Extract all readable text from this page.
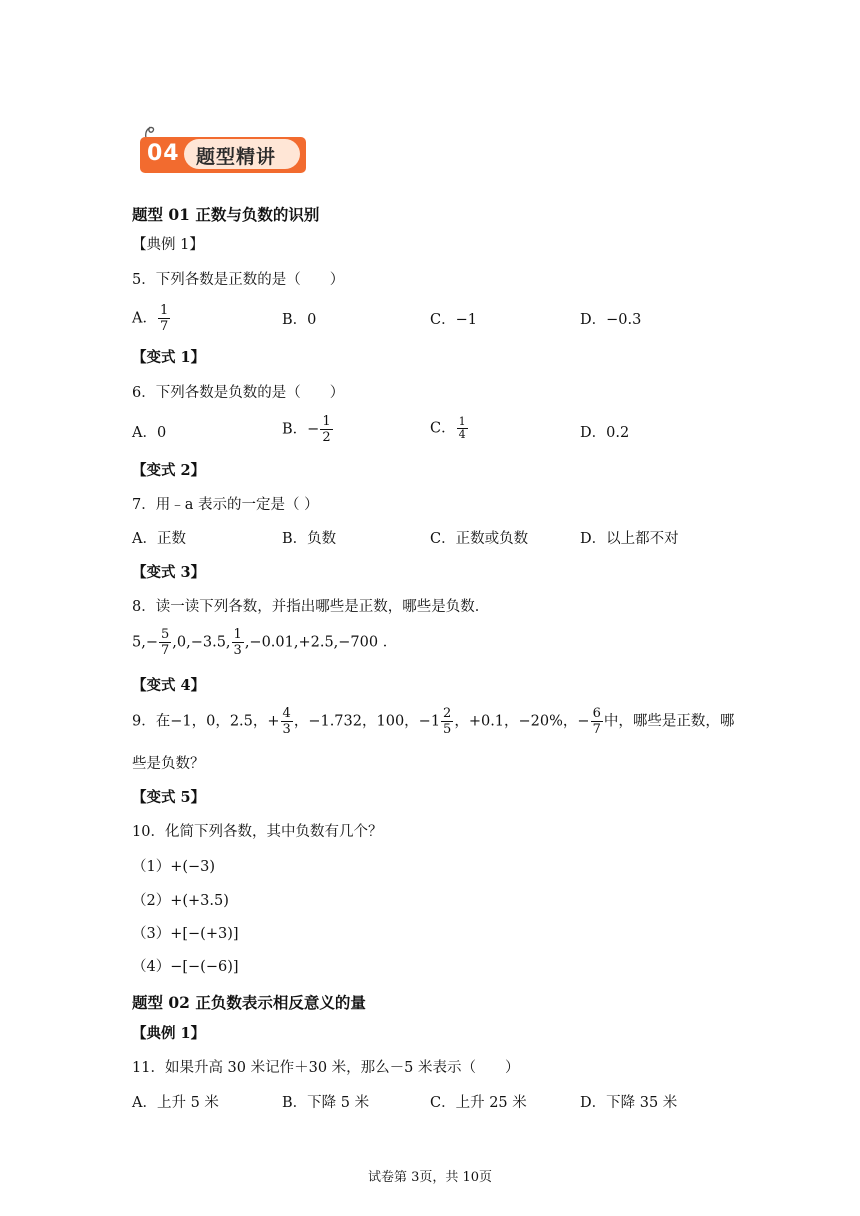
04 题型精讲
题型 01 正数与负数的识别
【典例 1】
5．下列各数是正数的是（　　）
A． $\frac{1}{7}$	B．0	C．−1	D．−0.3
【变式 1】
6．下列各数是负数的是（　　）
A．0	B．− $\frac{1}{2}$	C． $\frac{1}{4}$	D．0.2
【变式 2】
7．用﹣a 表示的一定是（ ）
A．正数	B．负数	C．正数或负数	D．以上都不对
【变式 3】
8．读一读下列各数，并指出哪些是正数，哪些是负数．
$5,- \frac{5}{7} ,0,-3.5$, $\frac{1}{3} ,-0.01,+2.5,-700$ ．
【变式 4】
9．在−1，0，2.5，+ $\frac{4}{3}$ ，−1.732，100，$-1 \frac{2}{5}$ ，+0.1，−20%，− $\frac{6}{7}$ 中，哪些是正数，哪
些是负数？
【变式 5】
10．化简下列各数，其中负数有几个？
（1）+(−3)
（2）+(+3.5)
（3）+[−(+3)]
（4）−[−(−6)]
题型 02 正负数表示相反意义的量
【典例 1】
11．如果升高 30 米记作＋30 米，那么－5 米表示（　　）
A．上升 5 米	B．下降 5 米	C．上升 25 米	D．下降 35 米
试卷第 3页，共 10页
